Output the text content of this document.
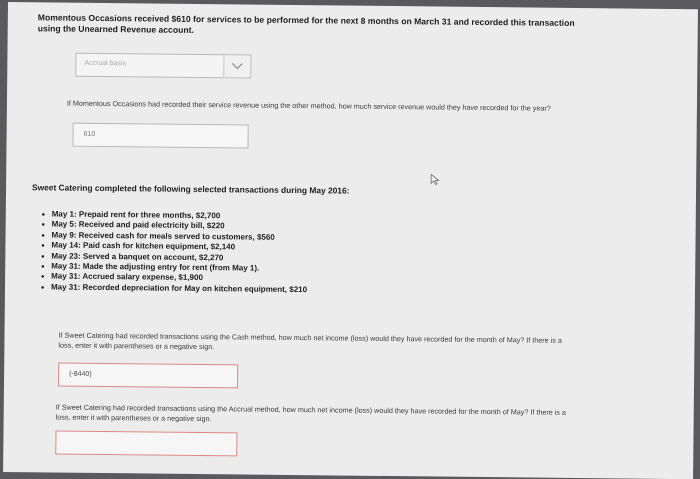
Momentous Occasions received $610 for services to be performed for the next 8 months on March 31 and recorded this transaction using the Unearned Revenue account.

Accrual basis

If Momentous Occasions had recorded their service revenue using the other method, how much service revenue would they have recorded for the year?

610

Sweet Catering completed the following selected transactions during May 2016:

• May 1: Prepaid rent for three months, $2,700
• May 5: Received and paid electricity bill, $220
• May 9: Received cash for meals served to customers, $560
• May 14: Paid cash for kitchen equipment, $2,140
• May 23: Served a banquet on account, $2,270
• May 31: Made the adjusting entry for rent (from May 1).
• May 31: Accrued salary expense, $1,900
• May 31: Recorded depreciation for May on kitchen equipment, $210

If Sweet Catering had recorded transactions using the Cash method, how much net income (loss) would they have recorded for the month of May? If there is a loss, enter it with parentheses or a negative sign.

(-8440)

If Sweet Catering had recorded transactions using the Accrual method, how much net income (loss) would they have recorded for the month of May? If there is a loss, enter it with parentheses or a negative sign.
